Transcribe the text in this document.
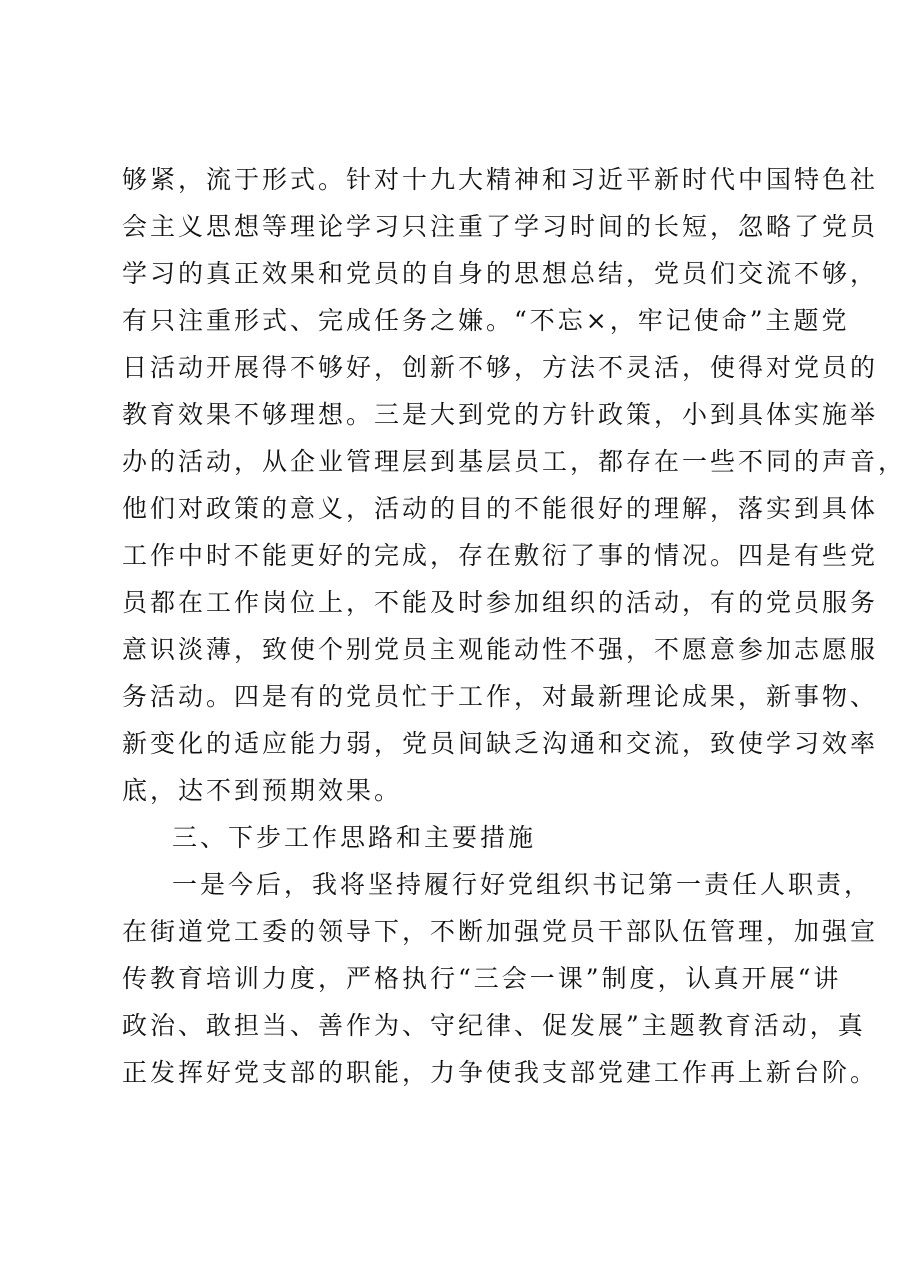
够紧，流于形式。针对十九大精神和习近平新时代中国特色社
会主义思想等理论学习只注重了学习时间的长短，忽略了党员
学习的真正效果和党员的自身的思想总结，党员们交流不够，
有只注重形式、完成任务之嫌。“不忘×，牢记使命”主题党
日活动开展得不够好，创新不够，方法不灵活，使得对党员的
教育效果不够理想。三是大到党的方针政策，小到具体实施举
办的活动，从企业管理层到基层员工，都存在一些不同的声音，
他们对政策的意义，活动的目的不能很好的理解，落实到具体
工作中时不能更好的完成，存在敷衍了事的情况。四是有些党
员都在工作岗位上，不能及时参加组织的活动，有的党员服务
意识淡薄，致使个别党员主观能动性不强，不愿意参加志愿服
务活动。四是有的党员忙于工作，对最新理论成果，新事物、
新变化的适应能力弱，党员间缺乏沟通和交流，致使学习效率
底，达不到预期效果。
三、下步工作思路和主要措施
一是今后，我将坚持履行好党组织书记第一责任人职责，
在街道党工委的领导下，不断加强党员干部队伍管理，加强宣
传教育培训力度，严格执行“三会一课”制度，认真开展“讲
政治、敢担当、善作为、守纪律、促发展”主题教育活动，真
正发挥好党支部的职能，力争使我支部党建工作再上新台阶。
